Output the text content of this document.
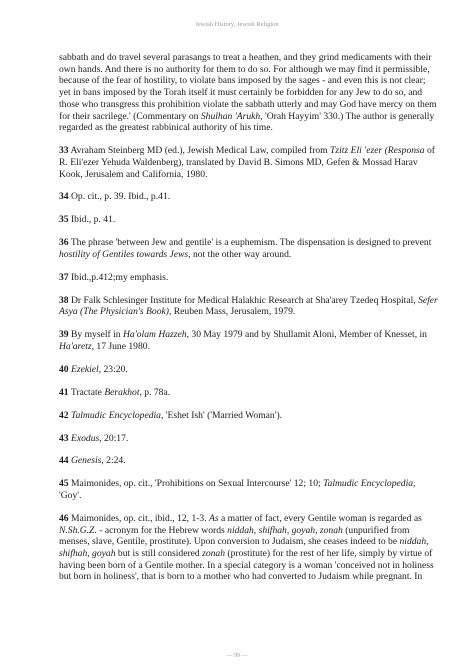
Jewish History, Jewish Religion

sabbath and do travel several parasangs to treat a heathen, and they grind medicaments with their own hands. And there is no authority for them to do so. For although we may find it permissible, because of the fear of hostility, to violate bans imposed by the sages - and even this is not clear; yet in bans imposed by the Torah itself it must certainly be forbidden for any Jew to do so, and those who transgress this prohibition violate the sabbath utterly and may God have mercy on them for their sacrilege.' (Commentary on Shulhan 'Arukh, 'Orah Hayyim' 330.) The author is generally regarded as the greatest rabbinical authority of his time.

33 Avraham Steinberg MD (ed.), Jewish Medical Law, compiled from Tzitz Eli 'ezer (Responsa of R. Eli'ezer Yehuda Waldenberg), translated by David B. Simons MD, Gefen & Mossad Harav Kook, Jerusalem and California, 1980.

34 Op. cit., p. 39. Ibid., p.41.

35 Ibid., p. 41.

36 The phrase 'between Jew and gentile' is a euphemism. The dispensation is designed to prevent hostility of Gentiles towards Jews, not the other way around.

37 Ibid.,p.412;my emphasis.

38 Dr Falk Schlesinger Institute for Medical Halakhic Research at Sha'arey Tzedeq Hospital, Sefer Asya (The Physician's Book), Reuben Mass, Jerusalem, 1979.

39 By myself in Ha'olam Hazzeh, 30 May 1979 and by Shullamit Aloni, Member of Knesset, in Ha'aretz, 17 June 1980.

40 Ezekiel, 23:20.

41 Tractate Berakhot, p. 78a.

42 Talmudic Encyclopedia, 'Eshet Ish' ('Married Woman').

43 Exodus, 20:17.

44 Genesis, 2:24.

45 Maimonides, op. cit., 'Prohibitions on Sexual Intercourse' 12; 10; Talmudic Encyclopedia, 'Goy'.

46 Maimonides, op. cit., ibid., 12, 1-3. As a matter of fact, every Gentile woman is regarded as N.Sh.G.Z. - acronym for the Hebrew words niddah, shifhah, goyah, zonah (unpurified from menses, slave, Gentile, prostitute). Upon conversion to Judaism, she ceases indeed to be niddah, shifhah, goyah but is still considered zonah (prostitute) for the rest of her life, simply by virtue of having been born of a Gentile mother. In a special category is a woman 'conceived not in holiness but born in holiness', that is born to a mother who had converted to Judaism while pregnant. In

— 99 —
